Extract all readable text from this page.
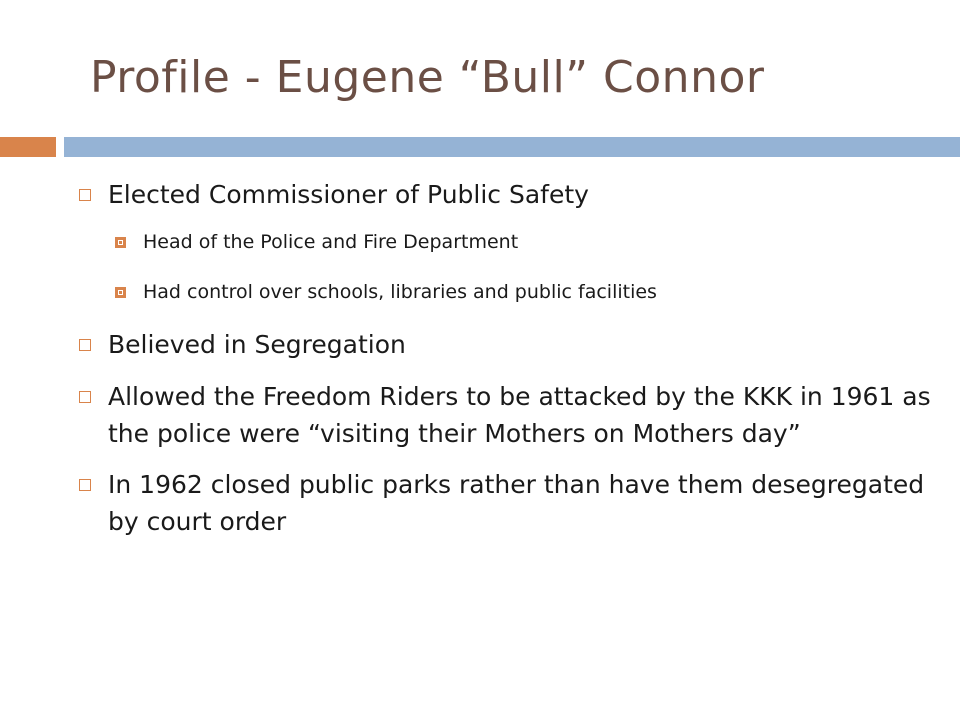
Profile - Eugene “Bull” Connor
Elected Commissioner of Public Safety
Head of the Police and Fire Department
Had control over schools, libraries and public facilities
Believed in Segregation
Allowed the Freedom Riders to be attacked by the KKK in 1961 as the police were “visiting their Mothers on Mothers day”
In 1962 closed public parks rather than have them desegregated by court order
